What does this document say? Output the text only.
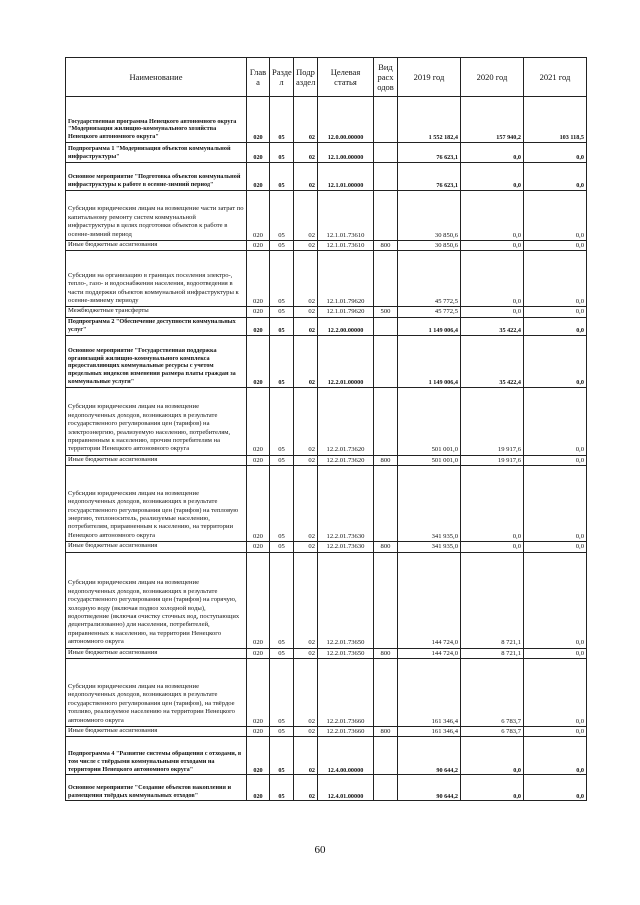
Наименование	Глав а	Разде л	Подр аздел	Целевая статья	Вид расх одов	2019 год	2020 год	2021 год
Государственная программа Ненецкого автономного округа "Модернизация жилищно-коммунального хозяйства Ненецкого автономного округа"	020	05	02	12.0.00.00000		1 552 182,4	157 940,2	103 118,5
Подпрограмма 1 "Модернизация объектов коммунальной инфраструктуры"	020	05	02	12.1.00.00000		76 623,1	0,0	0,0
Основное мероприятие "Подготовка объектов коммунальной инфраструктуры к работе в осенне-зимний период"	020	05	02	12.1.01.00000		76 623,1	0,0	0,0
Субсидии юридическим лицам на возмещение части затрат по капитальному ремонту систем коммунальной инфраструктуры в целях подготовки объектов к работе в осенне-зимний период	020	05	02	12.1.01.73610		30 850,6	0,0	0,0
Иные бюджетные ассигнования	020	05	02	12.1.01.73610	800	30 850,6	0,0	0,0
Субсидии на организацию в границах поселения электро-, тепло-, газо- и водоснабжения населения, водоотведения в части поддержки объектов коммунальной инфраструктуры к осенне-зимнему периоду	020	05	02	12.1.01.79620		45 772,5	0,0	0,0
Межбюджетные трансферты	020	05	02	12.1.01.79620	500	45 772,5	0,0	0,0
Подпрограмма 2 "Обеспечение доступности коммунальных услуг"	020	05	02	12.2.00.00000		1 149 006,4	35 422,4	0,0
Основное мероприятие "Государственная поддержка организаций жилищно-коммунального комплекса предоставляющих коммунальные ресурсы с учетом предельных индексов изменения размера платы граждан за коммунальные услуги"	020	05	02	12.2.01.00000		1 149 006,4	35 422,4	0,0
Субсидии юридическим лицам на возмещение недополученных доходов, возникающих в результате государственного регулирования цен (тарифов) на электроэнергию, реализуемую населению, потребителям, приравненным к населению, прочим потребителям на территории Ненецкого автономного округа	020	05	02	12.2.01.73620		501 001,0	19 917,6	0,0
Иные бюджетные ассигнования	020	05	02	12.2.01.73620	800	501 001,0	19 917,6	0,0
Субсидии юридическим лицам на возмещение недополученных доходов, возникающих в результате государственного регулирования цен (тарифов) на тепловую энергию, теплоноситель, реализуемые населению, потребителям, приравненным к населению, на территории Ненецкого автономного округа	020	05	02	12.2.01.73630		341 935,0	0,0	0,0
Иные бюджетные ассигнования	020	05	02	12.2.01.73630	800	341 935,0	0,0	0,0
Субсидии юридическим лицам на возмещение недополученных доходов, возникающих в результате государственного регулирования цен (тарифов) на горячую, холодную воду (включая подвоз холодной воды), водоотведение (включая очистку сточных вод, поступающих децентрализованно) для населения, потребителей, приравненных к населению, на территории Ненецкого автономного округа	020	05	02	12.2.01.73650		144 724,0	8 721,1	0,0
Иные бюджетные ассигнования	020	05	02	12.2.01.73650	800	144 724,0	8 721,1	0,0
Субсидии юридическим лицам на возмещение недополученных доходов, возникающих в результате государственного регулирования цен (тарифов), на твёрдое топливо, реализуемое населению на территории Ненецкого автономного округа	020	05	02	12.2.01.73660		161 346,4	6 783,7	0,0
Иные бюджетные ассигнования	020	05	02	12.2.01.73660	800	161 346,4	6 783,7	0,0
Подпрограмма 4 "Развитие системы обращения с отходами, в том числе с твёрдыми коммунальными отходами на территории Ненецкого автономного округа"	020	05	02	12.4.00.00000		90 644,2	0,0	0,0
Основное мероприятие "Создание объектов накопления и размещения твёрдых коммунальных отходов"	020	05	02	12.4.01.00000		90 644,2	0,0	0,0
60
